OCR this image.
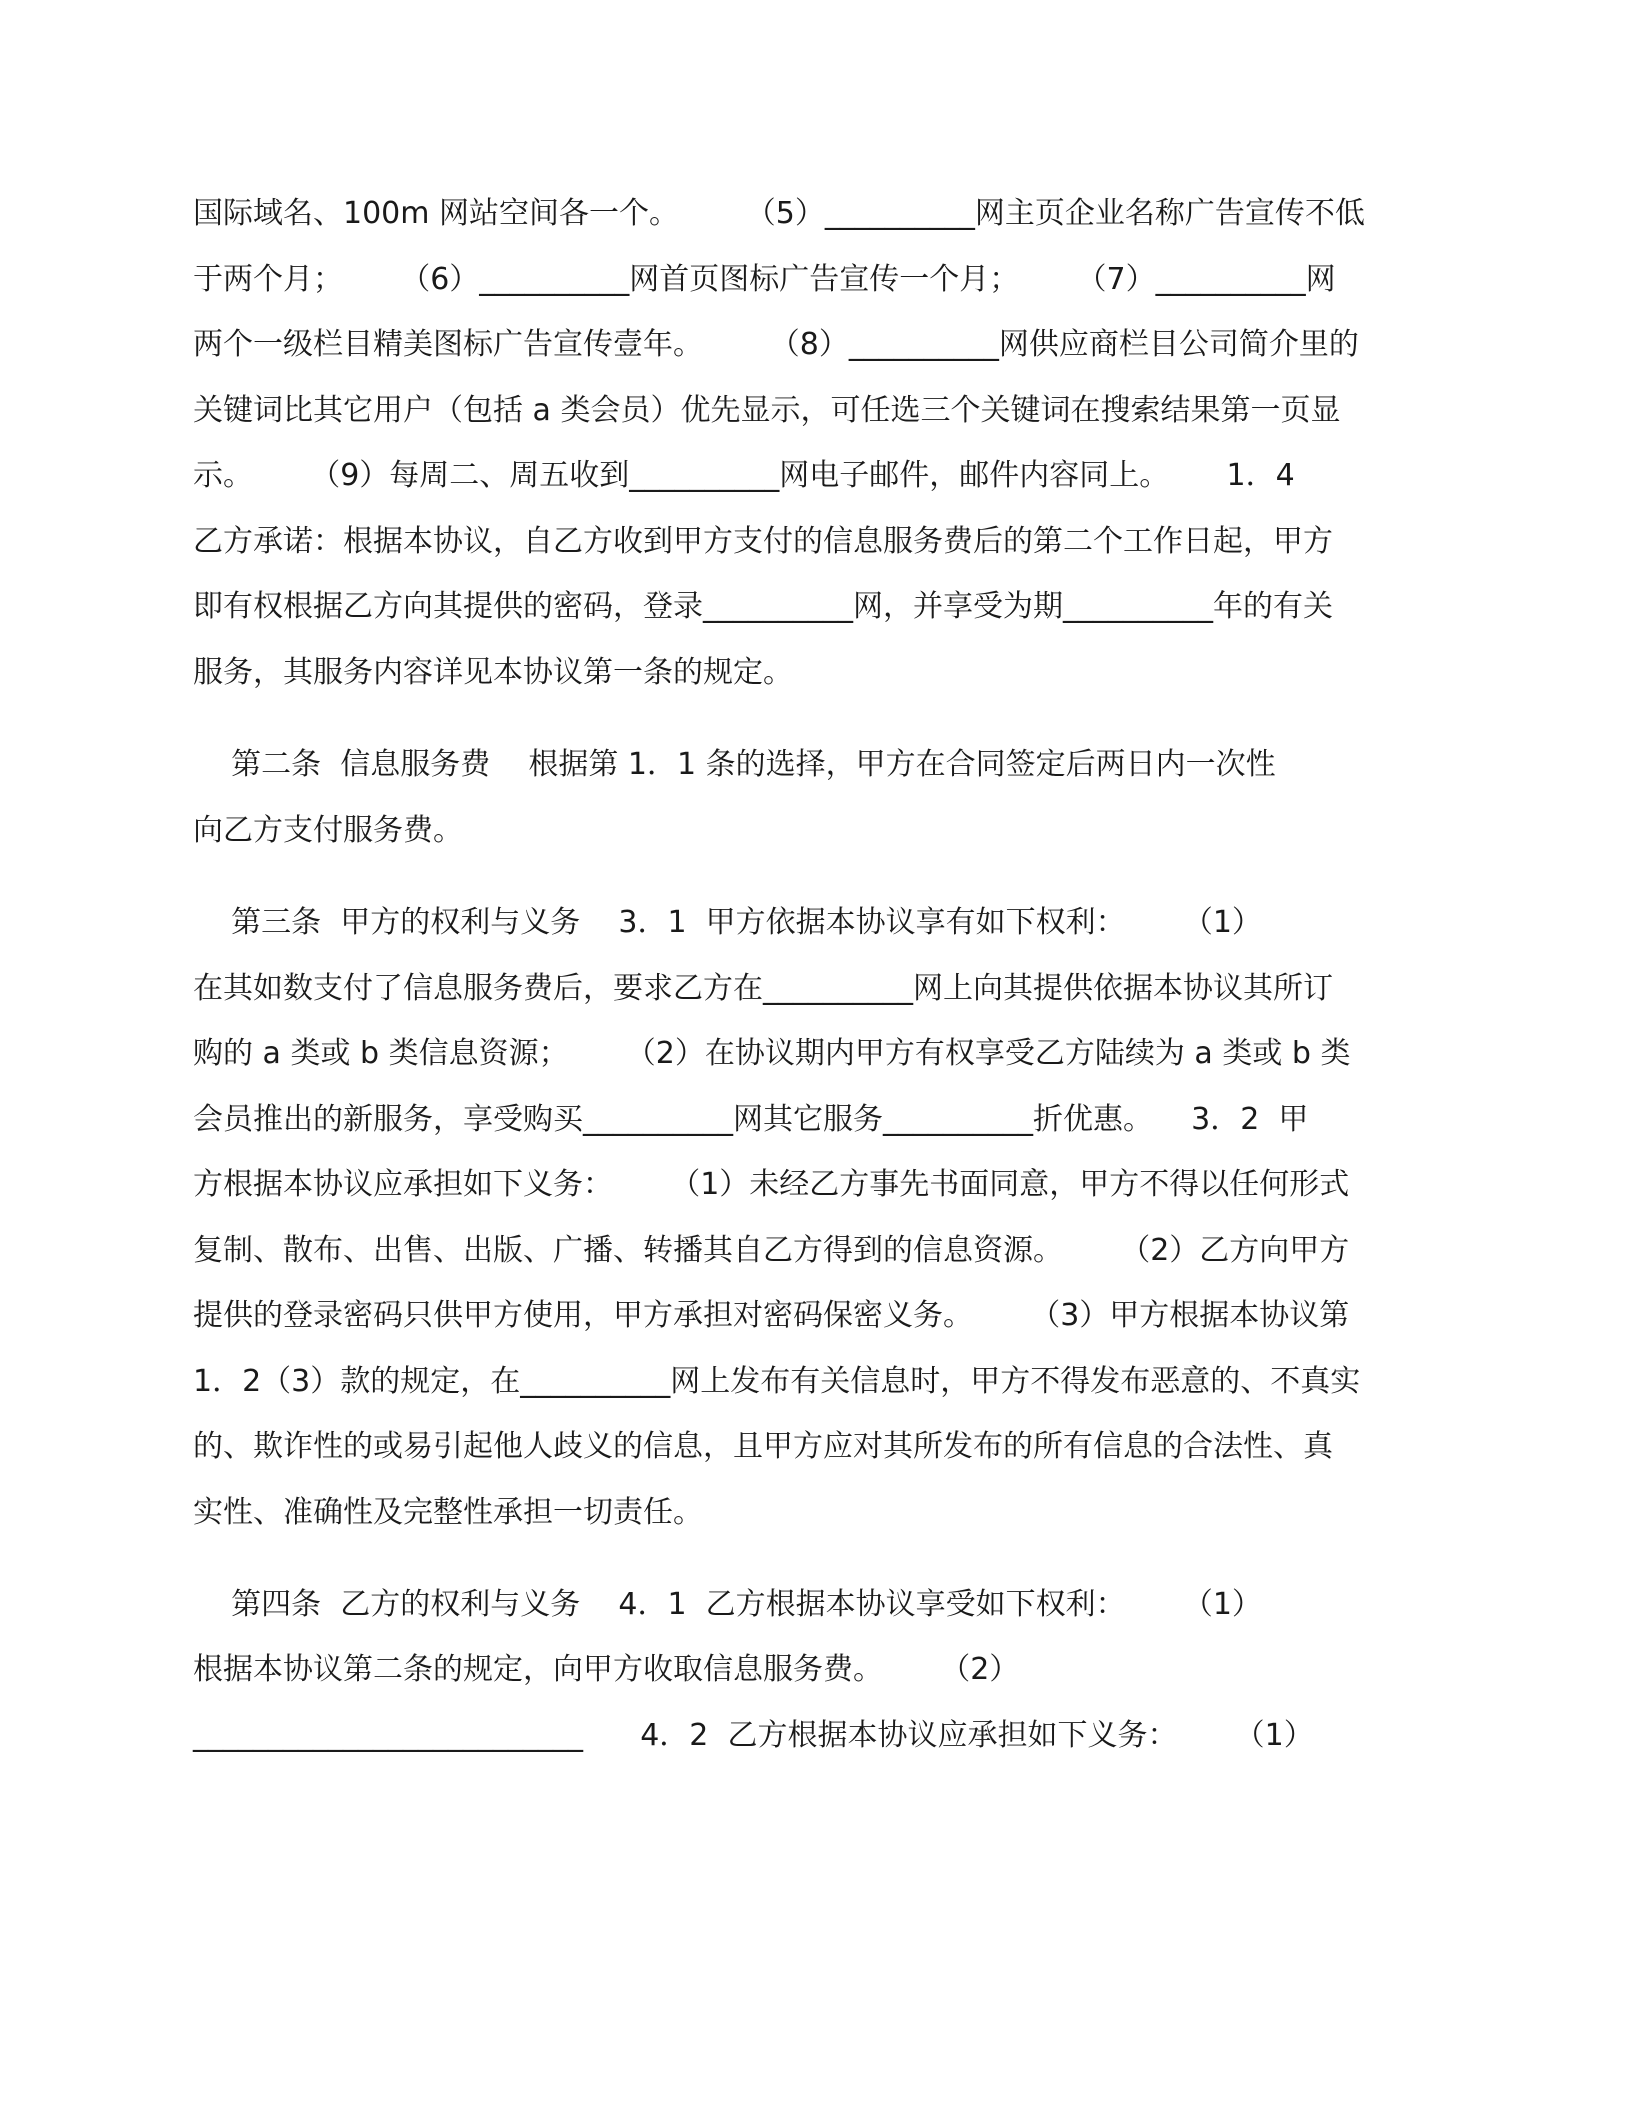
国际域名、100m 网站空间各一个。       （5）__________网主页企业名称广告宣传不低
于两个月；      （6）__________网首页图标广告宣传一个月；      （7）__________网
两个一级栏目精美图标广告宣传壹年。       （8）__________网供应商栏目公司简介里的
关键词比其它用户（包括 a 类会员）优先显示，可任选三个关键词在搜索结果第一页显
示。      （9）每周二、周五收到__________网电子邮件，邮件内容同上。      1．4
乙方承诺：根据本协议，自乙方收到甲方支付的信息服务费后的第二个工作日起，甲方
即有权根据乙方向其提供的密码，登录__________网，并享受为期__________年的有关
服务，其服务内容详见本协议第一条的规定。
第二条  信息服务费    根据第 1．1 条的选择，甲方在合同签定后两日内一次性
向乙方支付服务费。
第三条  甲方的权利与义务    3．1  甲方依据本协议享有如下权利：      （1）
在其如数支付了信息服务费后，要求乙方在__________网上向其提供依据本协议其所订
购的 a 类或 b 类信息资源；      （2）在协议期内甲方有权享受乙方陆续为 a 类或 b 类
会员推出的新服务，享受购买__________网其它服务__________折优惠。    3．2  甲
方根据本协议应承担如下义务：      （1）未经乙方事先书面同意，甲方不得以任何形式
复制、散布、出售、出版、广播、转播其自乙方得到的信息资源。      （2）乙方向甲方
提供的登录密码只供甲方使用，甲方承担对密码保密义务。      （3）甲方根据本协议第
1．2（3）款的规定，在__________网上发布有关信息时，甲方不得发布恶意的、不真实
的、欺诈性的或易引起他人歧义的信息，且甲方应对其所发布的所有信息的合法性、真
实性、准确性及完整性承担一切责任。
第四条  乙方的权利与义务    4．1  乙方根据本协议享受如下权利：      （1）
根据本协议第二条的规定，向甲方收取信息服务费。      （2）
__________________________      4．2  乙方根据本协议应承担如下义务：      （1）
